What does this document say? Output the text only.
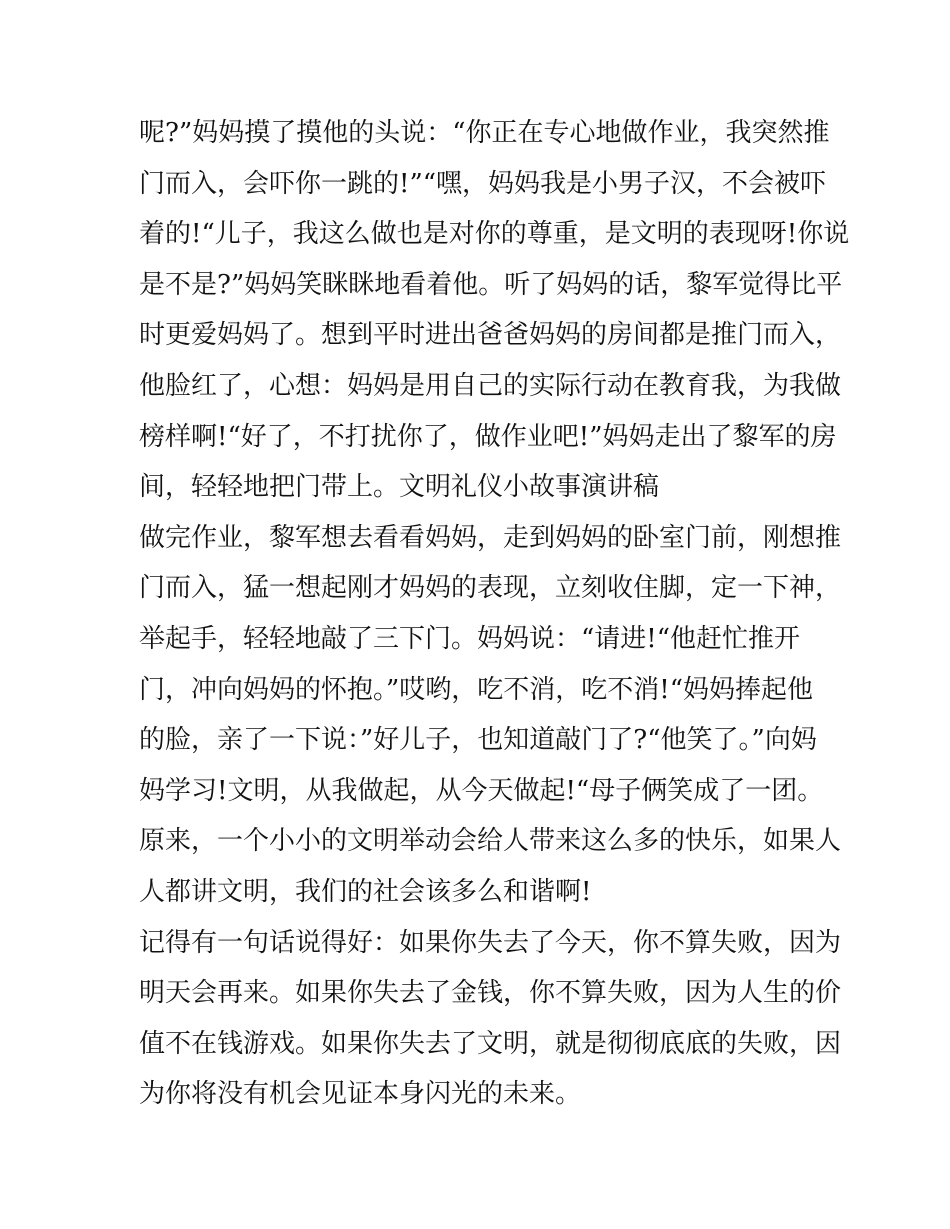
呢?”妈妈摸了摸他的头说：“你正在专心地做作业，我突然推
门而入，会吓你一跳的!”“嘿，妈妈我是小男子汉，不会被吓
着的!“儿子，我这么做也是对你的尊重，是文明的表现呀!你说
是不是?”妈妈笑眯眯地看着他。听了妈妈的话，黎军觉得比平
时更爱妈妈了。想到平时进出爸爸妈妈的房间都是推门而入，
他脸红了，心想：妈妈是用自己的实际行动在教育我，为我做
榜样啊!“好了，不打扰你了，做作业吧!”妈妈走出了黎军的房
间，轻轻地把门带上。文明礼仪小故事演讲稿
做完作业，黎军想去看看妈妈，走到妈妈的卧室门前，刚想推
门而入，猛一想起刚才妈妈的表现，立刻收住脚，定一下神，
举起手，轻轻地敲了三下门。妈妈说：“请进!“他赶忙推开
门，冲向妈妈的怀抱。”哎哟，吃不消，吃不消!“妈妈捧起他
的脸，亲了一下说：”好儿子，也知道敲门了?“他笑了。”向妈
妈学习!文明，从我做起，从今天做起!“母子俩笑成了一团。
原来，一个小小的文明举动会给人带来这么多的快乐，如果人
人都讲文明，我们的社会该多么和谐啊!
记得有一句话说得好：如果你失去了今天，你不算失败，因为
明天会再来。如果你失去了金钱，你不算失败，因为人生的价
值不在钱游戏。如果你失去了文明，就是彻彻底底的失败，因
为你将没有机会见证本身闪光的未来。
